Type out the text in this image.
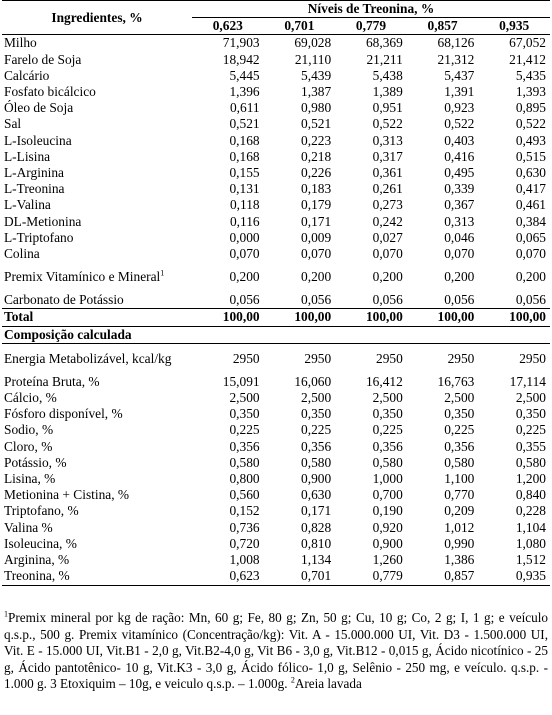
Ingredientes, %	Níveis de Treonina, %				
	0,623	0,701	0,779	0,857	0,935
Milho	71,903	69,028	68,369	68,126	67,052
Farelo de Soja	18,942	21,110	21,211	21,312	21,412
Calcário	5,445	5,439	5,438	5,437	5,435
Fosfato bicálcico	1,396	1,387	1,389	1,391	1,393
Óleo de Soja	0,611	0,980	0,951	0,923	0,895
Sal	0,521	0,521	0,522	0,522	0,522
L-Isoleucina	0,168	0,223	0,313	0,403	0,493
L-Lisina	0,168	0,218	0,317	0,416	0,515
L-Arginina	0,155	0,226	0,361	0,495	0,630
L-Treonina	0,131	0,183	0,261	0,339	0,417
L-Valina	0,118	0,179	0,273	0,367	0,461
DL-Metionina	0,116	0,171	0,242	0,313	0,384
L-Triptofano	0,000	0,009	0,027	0,046	0,065
Colina	0,070	0,070	0,070	0,070	0,070
Premix Vitamínico e Mineral$^1$	0,200	0,200	0,200	0,200	0,200
Carbonato de Potássio	0,056	0,056	0,056	0,056	0,056
Total	100,00	100,00	100,00	100,00	100,00
Composição calculada					
Energia Metabolizável, kcal/kg	2950	2950	2950	2950	2950
Proteína Bruta, %	15,091	16,060	16,412	16,763	17,114
Cálcio, %	2,500	2,500	2,500	2,500	2,500
Fósforo disponível, %	0,350	0,350	0,350	0,350	0,350
Sodio, %	0,225	0,225	0,225	0,225	0,225
Cloro, %	0,356	0,356	0,356	0,356	0,355
Potássio, %	0,580	0,580	0,580	0,580	0,580
Lisina, %	0,800	0,900	1,000	1,100	1,200
Metionina + Cistina, %	0,560	0,630	0,700	0,770	0,840
Triptofano, %	0,152	0,171	0,190	0,209	0,228
Valina %	0,736	0,828	0,920	1,012	1,104
Isoleucina, %	0,720	0,810	0,900	0,990	1,080
Arginina, %	1,008	1,134	1,260	1,386	1,512
Treonina, %	0,623	0,701	0,779	0,857	0,935
$^1$Premix mineral por kg de ração: Mn, 60 g; Fe, 80 g; Zn, 50 g; Cu, 10 g; Co, 2 g; I, 1 g; e veículo q.s.p., 500 g. Premix vitamínico (Concentração/kg): Vit. A - 15.000.000 UI, Vit. D3 - 1.500.000 UI, Vit. E - 15.000 UI, Vit.B1 - 2,0 g, Vit.B2-4,0 g, Vit B6 - 3,0 g, Vit.B12 - 0,015 g, Ácido nicotínico - 25 g, Ácido pantotênico- 10 g, Vit.K3 - 3,0 g, Ácido fólico- 1,0 g, Selênio - 250 mg, e veículo. q.s.p. - 1.000 g. 3 Etoxiquim – 10g, e veiculo q.s.p. – 1.000g. $^2$Areia lavada
